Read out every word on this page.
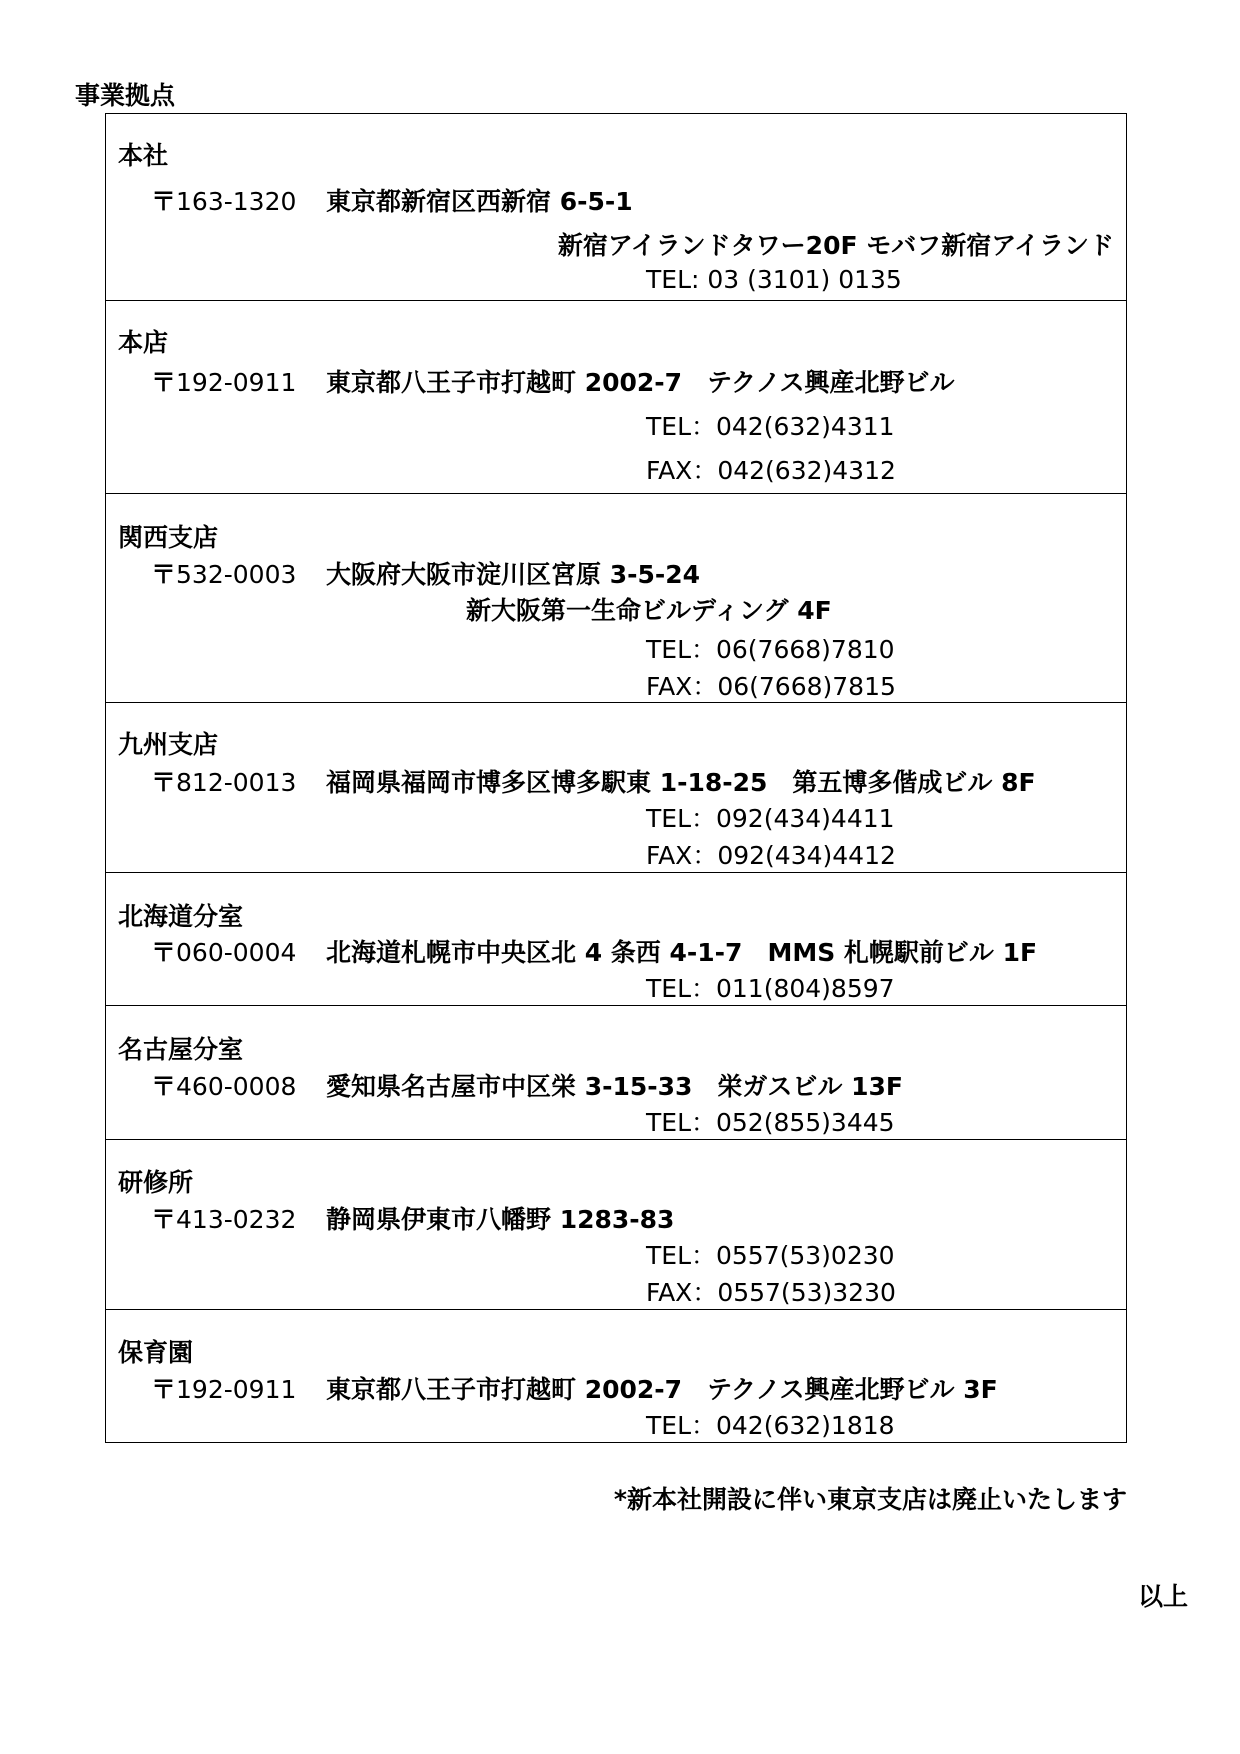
事業拠点
本社
〒163-1320 東京都新宿区西新宿 6-5-1
新宿アイランドタワー20F モバフ新宿アイランド
TEL: 03 (3101) 0135
本店
〒192-0911 東京都八王子市打越町 2002-7　テクノス興産北野ビル
TEL：042(632)4311
FAX：042(632)4312
関西支店
〒532-0003 大阪府大阪市淀川区宮原 3-5-24
新大阪第一生命ビルディング 4F
TEL：06(7668)7810
FAX：06(7668)7815
九州支店
〒812-0013 福岡県福岡市博多区博多駅東 1-18-25　第五博多偕成ビル 8F
TEL：092(434)4411
FAX：092(434)4412
北海道分室
〒060-0004 北海道札幌市中央区北 4 条西 4-1-7　MMS 札幌駅前ビル 1F
TEL：011(804)8597
名古屋分室
〒460-0008 愛知県名古屋市中区栄 3-15-33　栄ガスビル 13F
TEL：052(855)3445
研修所
〒413-0232 静岡県伊東市八幡野 1283-83
TEL：0557(53)0230
FAX：0557(53)3230
保育園
〒192-0911 東京都八王子市打越町 2002-7　テクノス興産北野ビル 3F
TEL：042(632)1818
*新本社開設に伴い東京支店は廃止いたします
以上
